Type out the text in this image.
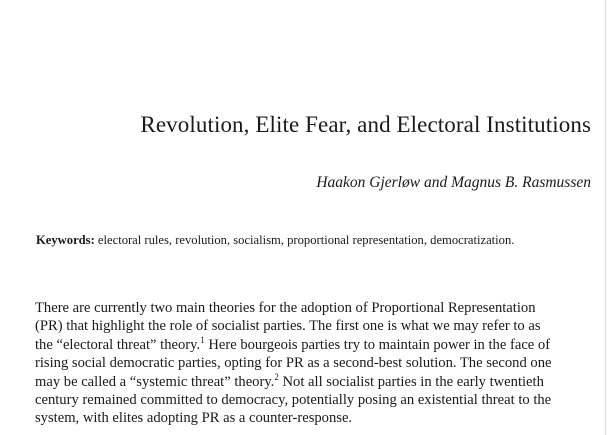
Revolution, Elite Fear, and Electoral Institutions

Haakon Gjerløw and Magnus B. Rasmussen

Keywords: electoral rules, revolution, socialism, proportional representation, democratization.

There are currently two main theories for the adoption of Proportional Representation
(PR) that highlight the role of socialist parties. The first one is what we may refer to as
the “electoral threat” theory.$^1$ Here bourgeois parties try to maintain power in the face of
rising social democratic parties, opting for PR as a second-best solution. The second one
may be called a “systemic threat” theory.$^2$ Not all socialist parties in the early twentieth
century remained committed to democracy, potentially posing an existential threat to the
system, with elites adopting PR as a counter-response.
